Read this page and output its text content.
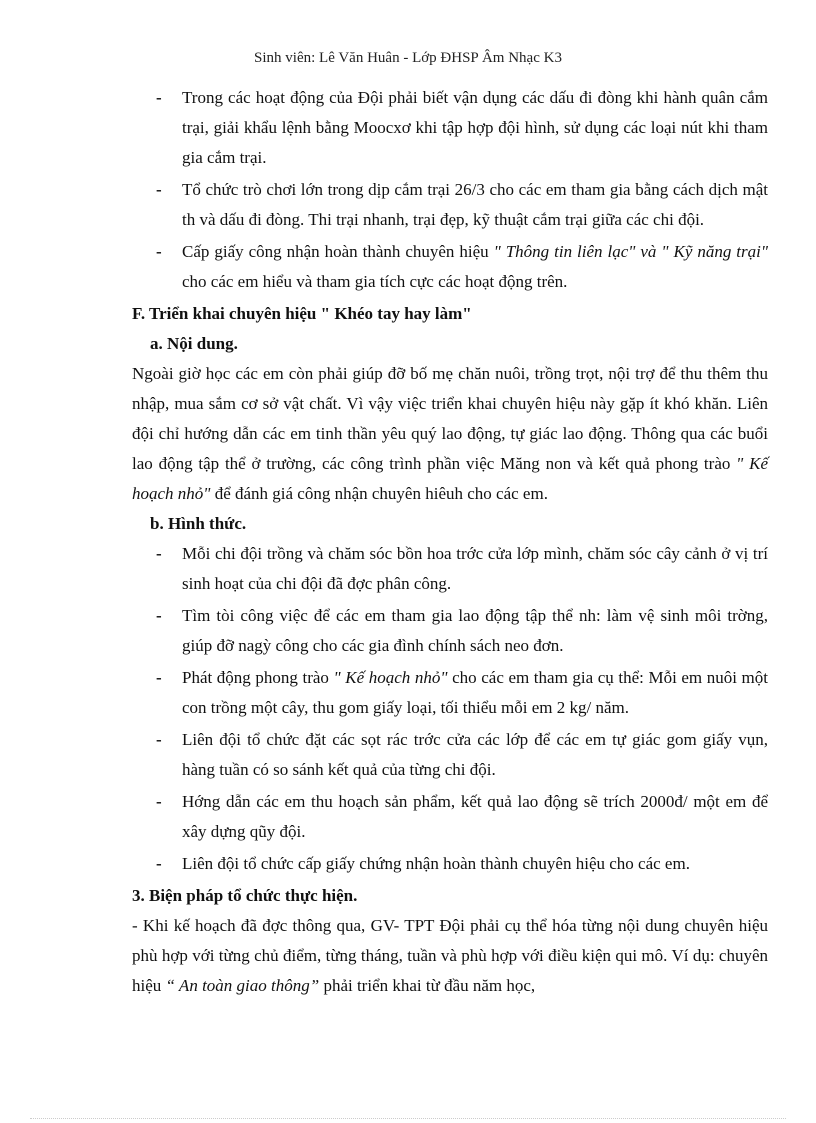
Sinh viên: Lê Văn Huân - Lớp ĐHSP Âm Nhạc K3
- Trong các hoạt động của Đội phải biết vận dụng các dấu đi đòng khi hành quân cắm trại, giải khẩu lệnh bằng Moocxơ khi tập hợp đội hình, sử dụng các loại nút khi tham gia cắm trại.
- Tổ chức trò chơi lớn trong dịp cắm trại 26/3 cho các em tham gia bằng cách dịch mật th và dấu đi đòng. Thi trại nhanh, trại đẹp, kỹ thuật cắm trại giữa các chi đội.
- Cấp giấy công nhận hoàn thành chuyên hiệu " Thông tin liên lạc" và " Kỹ năng trại" cho các em hiểu và tham gia tích cực các hoạt động trên.
F. Triển khai chuyên hiệu " Khéo tay hay làm"
a. Nội dung.

Ngoài giờ học các em còn phải giúp đỡ bố mẹ chăn nuôi, trồng trọt, nội trợ để thu thêm thu nhập, mua sắm cơ sở vật chất. Vì vậy việc triển khai chuyên hiệu này gặp ít khó khăn. Liên đội chỉ hướng dẫn các em tinh thần yêu quý lao động, tự giác lao động. Thông qua các buổi lao động tập thể ở trường, các công trình phần việc Măng non và kết quả phong trào " Kế hoạch nhỏ" để đánh giá công nhận chuyên hiêuh cho các em.

b. Hình thức.
- Mỗi chi đội trồng và chăm sóc bồn hoa trớc cửa lớp mình, chăm sóc cây cảnh ở vị trí sinh hoạt của chi đội đã đợc phân công.
- Tìm tòi công việc để các em tham gia lao động tập thể nh: làm vệ sinh môi trờng, giúp đỡ nagỳ công cho các gia đình chính sách neo đơn.
- Phát động phong trào " Kế hoạch nhỏ" cho các em tham gia cụ thể: Mỗi em nuôi một con trồng một cây, thu gom giấy loại, tối thiểu mỗi em 2 kg/ năm.
- Liên đội tổ chức đặt các sọt rác trớc cửa các lớp để các em tự giác gom giấy vụn, hàng tuần có so sánh kết quả của từng chi đội.
- Hớng dẫn các em thu hoạch sản phẩm, kết quả lao động sẽ trích 2000đ/ một em để xây dựng qũy đội.
- Liên đội tổ chức cấp giấy chứng nhận hoàn thành chuyên hiệu cho các em.
3. Biện pháp tổ chức thực hiện.

- Khi kế hoạch đã đợc thông qua, GV- TPT Đội phải cụ thể hóa từng nội dung chuyên hiệu phù hợp với từng chủ điểm, từng tháng, tuần và phù hợp với điều kiện qui mô. Ví dụ: chuyên hiệu “ An toàn giao thông” phải triển khai từ đầu năm học,
